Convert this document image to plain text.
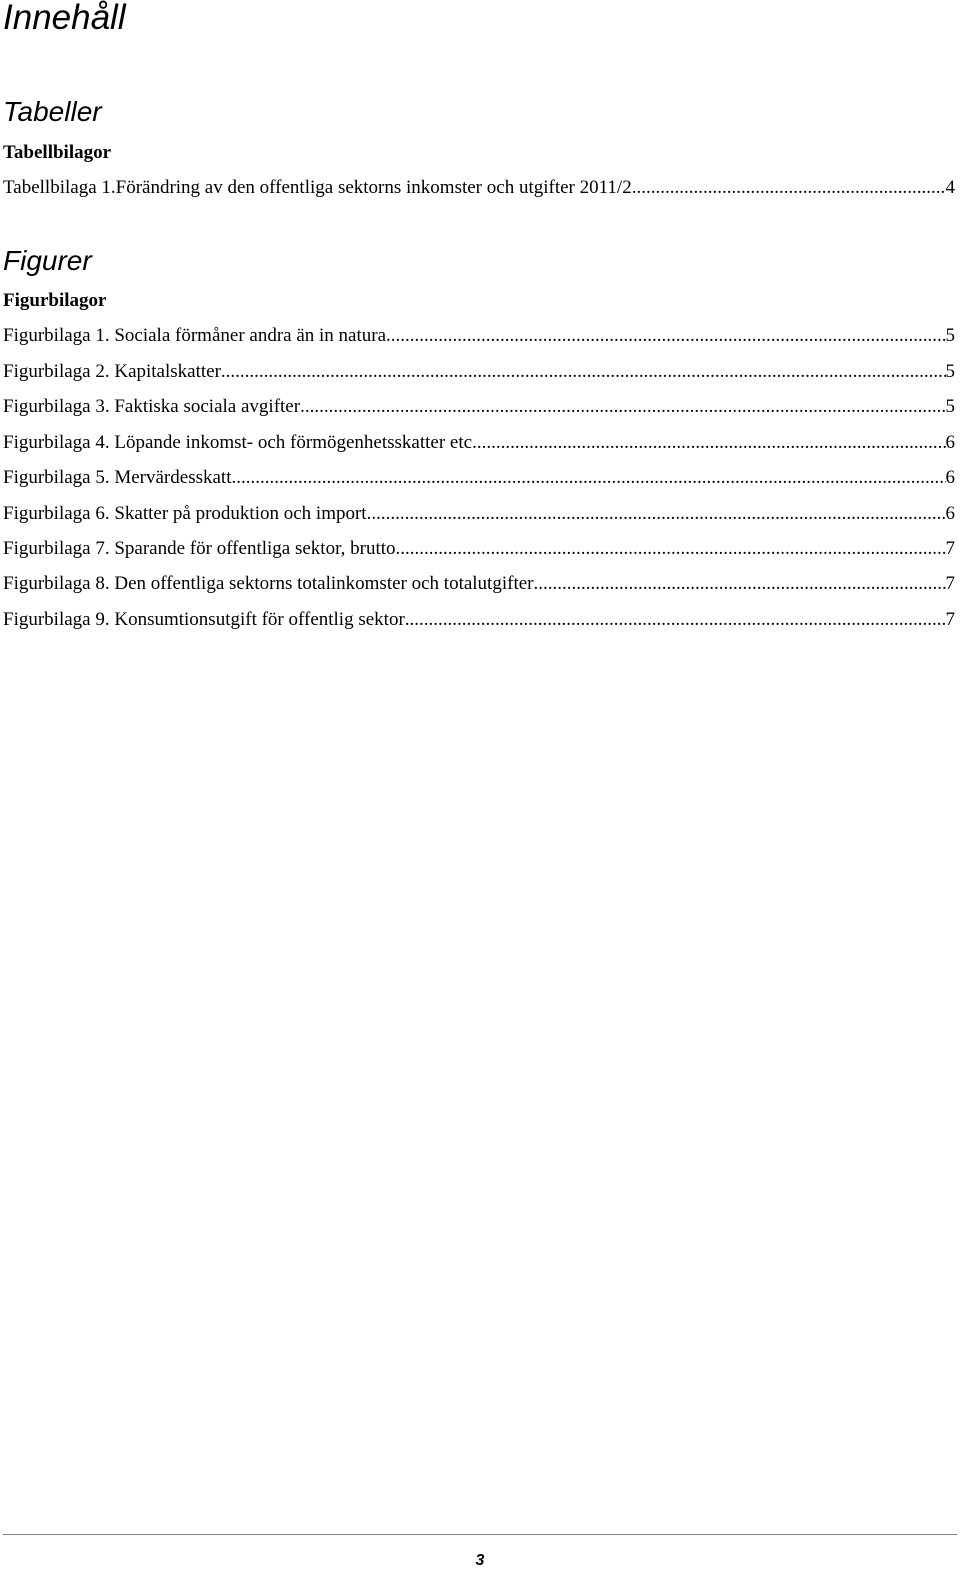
Innehåll
Tabeller
Tabellbilagor
Tabellbilaga 1.Förändring av den offentliga sektorns inkomster och utgifter 2011/2 .....	4
Figurer
Figurbilagor
Figurbilaga 1. Sociala förmåner andra än in natura .....	5
Figurbilaga 2. Kapitalskatter .....	5
Figurbilaga 3. Faktiska sociala avgifter .....	5
Figurbilaga 4. Löpande inkomst- och förmögenhetsskatter etc .....	6
Figurbilaga 5. Mervärdesskatt .....	6
Figurbilaga 6. Skatter på produktion och import .....	6
Figurbilaga 7. Sparande för offentliga sektor, brutto .....	7
Figurbilaga 8. Den offentliga sektorns totalinkomster och totalutgifter .....	7
Figurbilaga 9. Konsumtionsutgift för offentlig sektor .....	7
3
